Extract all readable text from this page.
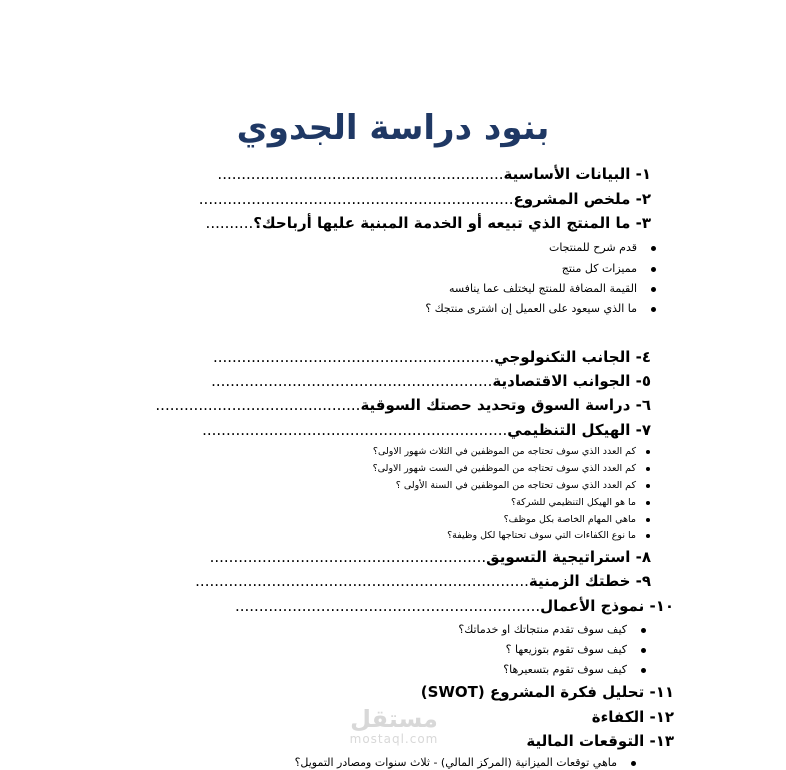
بنود دراسة الجدوي
١- البيانات الأساسية............................................................
٢- ملخص المشروع..................................................................
٣- ما المنتج الذي تبيعه أو الخدمة المبنية عليها أرباحك؟..........
قدم شرح للمنتجات
مميزات كل منتج
القيمة المضافة للمنتج ليختلف عما ينافسه
ما الذي سيعود على العميل إن اشترى منتجك ؟
٤- الجانب التكنولوجي...........................................................
٥- الجوانب الاقتصادية...........................................................
٦- دراسة السوق وتحديد حصتك السوقية...........................................
٧- الهيكل التنظيمي................................................................
كم العدد الذي سوف تحتاجه من الموظفين في الثلاث شهور الاولى؟
كم العدد الذي سوف تحتاجه من الموظفين في الست شهور الاولى؟
كم العدد الذي سوف تحتاجه من الموظفين في السنة الأولى ؟
ما هو الهيكل التنظيمي للشركة؟
ماهي المهام الخاصة بكل موظف؟
ما نوع الكفاءات التي سوف تحتاجها لكل وظيفة؟
٨- استراتيجية التسويق..........................................................
٩- خطتك الزمنية......................................................................
١٠- نموذج الأعمال................................................................
كيف سوف تقدم منتجاتك او خدماتك؟
كيف سوف تقوم بتوزيعها ؟
كيف سوف تقوم بتسعيرها؟
١١- تحليل فكرة المشروع (SWOT)
١٢- الكفاءة
١٣- التوقعات المالية
ماهي توقعات الميزانية (المركز المالي) - ثلاث سنوات ومصادر التمويل؟
مستقل
mostaql.com
